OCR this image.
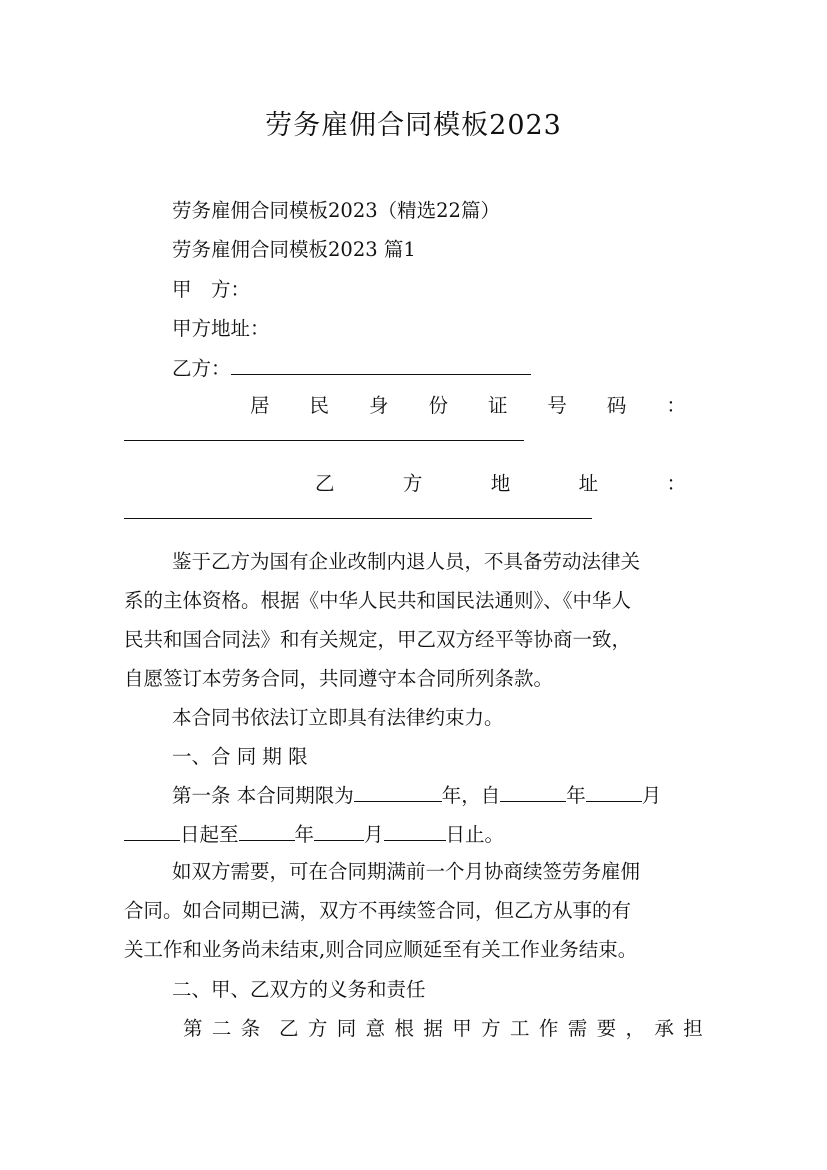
劳务雇佣合同模板2023
劳务雇佣合同模板2023（精选22篇）
劳务雇佣合同模板2023 篇1
甲　方：
甲方地址：
乙方：
居 民 身 份 证 号 码 ：
乙	方	地	址	：
鉴于乙方为国有企业改制内退人员，不具备劳动法律关
系的主体资格。根据《中华人民共和国民法通则》、《中华人
民共和国合同法》和有关规定，甲乙双方经平等协商一致，
自愿签订本劳务合同，共同遵守本合同所列条款。
本合同书依法订立即具有法律约束力。
一、合 同 期 限
第一条 本合同期限为	年，自	年	月
日起至	年	月	日止。
如双方需要，可在合同期满前一个月协商续签劳务雇佣
合同。如合同期已满，双方不再续签合同，但乙方从事的有
关工作和业务尚未结束,则合同应顺延至有关工作业务结束。
二、甲、乙双方的义务和责任
第 二 条 乙 方 同 意 根 据 甲 方 工 作 需 要 ， 承 担
